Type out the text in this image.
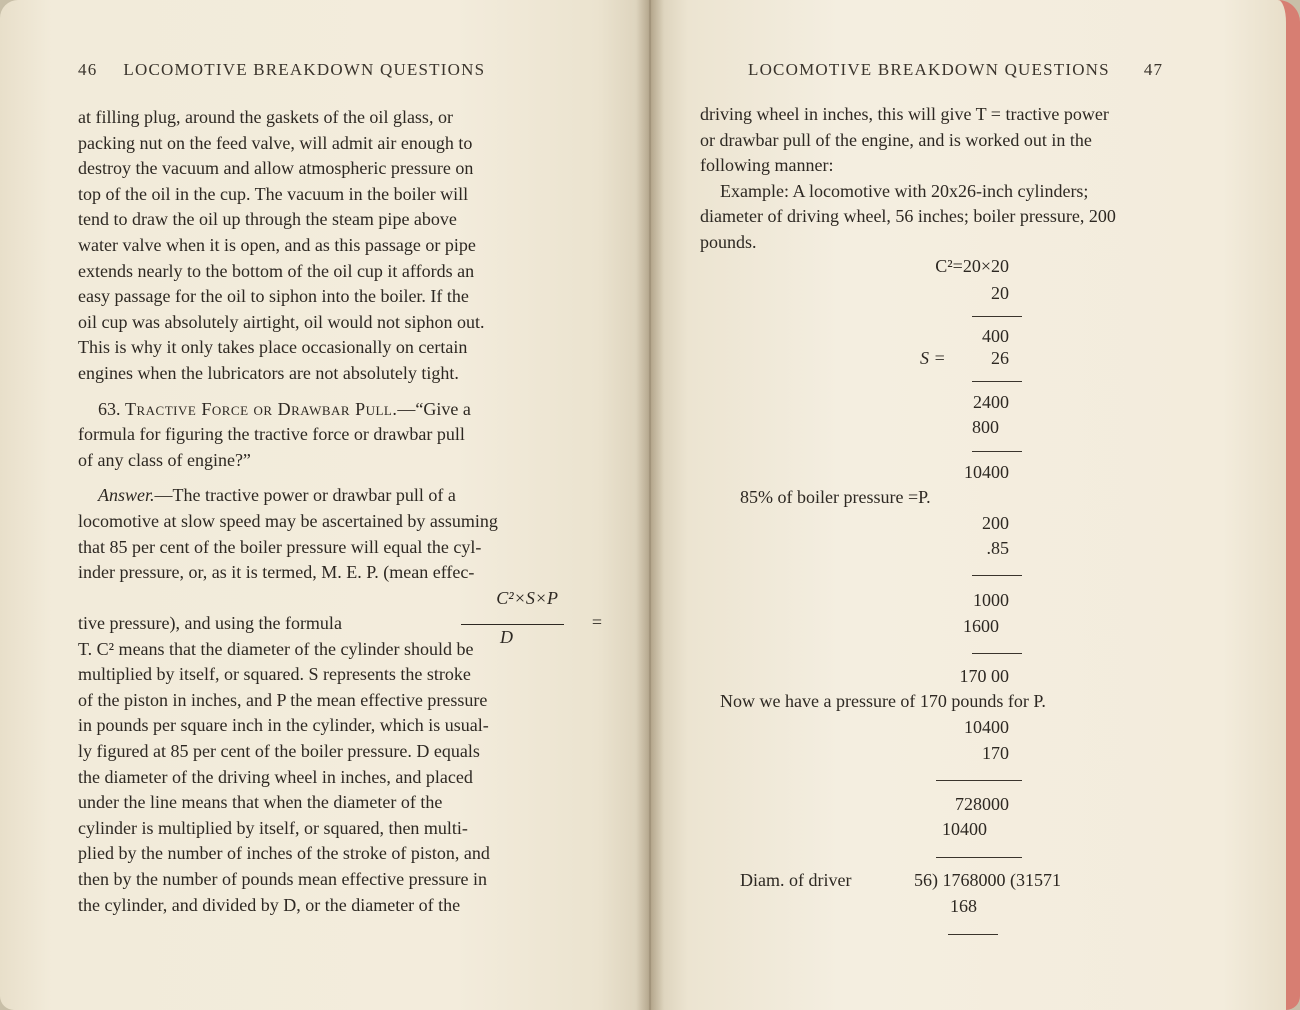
46 LOCOMOTIVE BREAKDOWN QUESTIONS

at filling plug, around the gaskets of the oil glass, or

packing nut on the feed valve, will admit air enough to

destroy the vacuum and allow atmospheric pressure on

top of the oil in the cup. The vacuum in the boiler will

tend to draw the oil up through the steam pipe above

water valve when it is open, and as this passage or pipe

extends nearly to the bottom of the oil cup it affords an

easy passage for the oil to siphon into the boiler. If the

oil cup was absolutely airtight, oil would not siphon out.

This is why it only takes place occasionally on certain

engines when the lubricators are not absolutely tight.

63. Tractive Force or Drawbar Pull.—“Give a

formula for figuring the tractive force or drawbar pull

of any class of engine?”

Answer.—The tractive power or drawbar pull of a

locomotive at slow speed may be ascertained by assuming

that 85 per cent of the boiler pressure will equal the cyl-

inder pressure, or, as it is termed, M. E. P. (mean effec-

C²×S×P
tive pressure), and using the formula	=
D

T. C² means that the diameter of the cylinder should be

multiplied by itself, or squared. S represents the stroke

of the piston in inches, and P the mean effective pressure

in pounds per square inch in the cylinder, which is usual-

ly figured at 85 per cent of the boiler pressure. D equals

the diameter of the driving wheel in inches, and placed

under the line means that when the diameter of the

cylinder is multiplied by itself, or squared, then multi-

plied by the number of inches of the stroke of piston, and

then by the number of pounds mean effective pressure in

the cylinder, and divided by D, or the diameter of the

LOCOMOTIVE BREAKDOWN QUESTIONS 47

driving wheel in inches, this will give T = tractive power

or drawbar pull of the engine, and is worked out in the

following manner:

Example: A locomotive with 20x26-inch cylinders;

diameter of driving wheel, 56 inches; boiler pressure, 200

pounds.

C²=20×20
20
400
S =	26
2400
800
10400
85% of boiler pressure =P.
200
.85
1000
1600
170 00
Now we have a pressure of 170 pounds for P.
10400
170
728000
10400
Diam. of driver	56) 1768000 (31571
168
